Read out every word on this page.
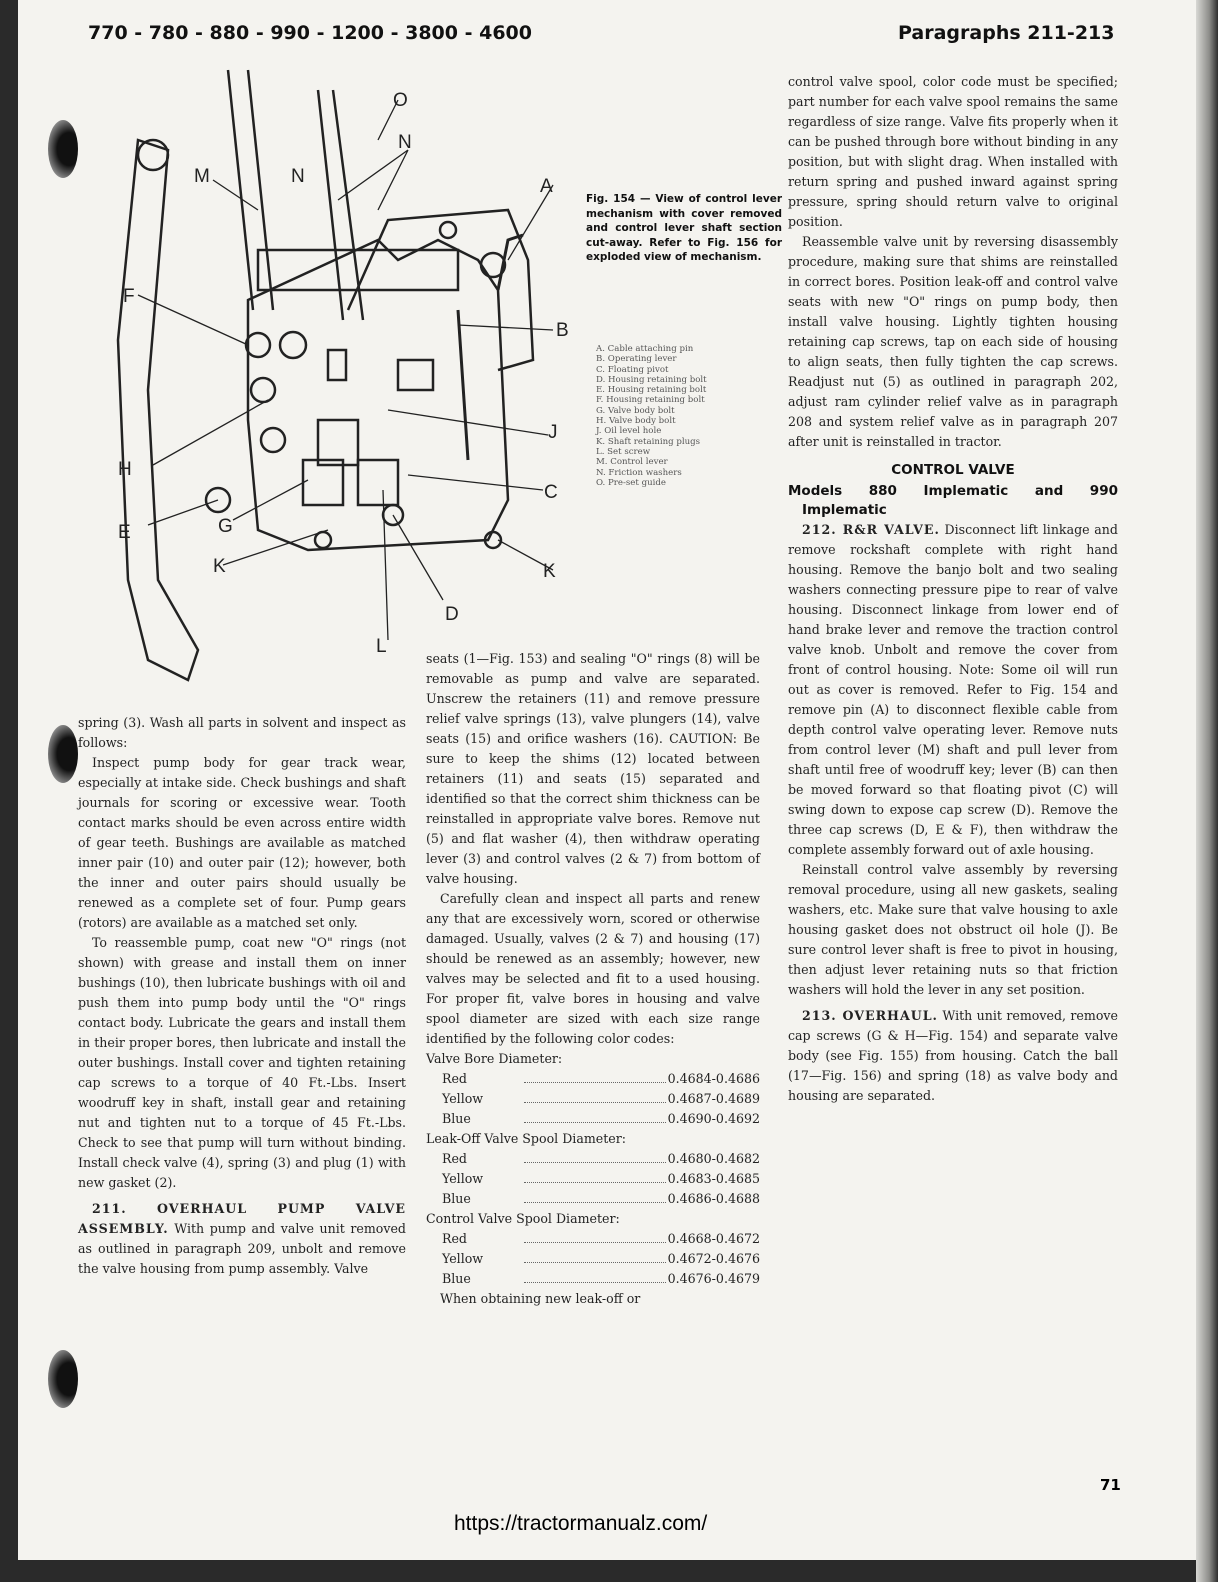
770 - 780 - 880 - 990 - 1200 - 3800 - 4600	Paragraphs 211-213
A
B
C
D
E
F
G
H
J
K	K
L
M	N
N
O
Fig. 154 — View of control lever mechanism with cover removed and control lever shaft section cut-away. Refer to Fig. 156 for exploded view of mechanism.
A. Cable attaching pin
B. Operating lever
C. Floating pivot
D. Housing retaining bolt
E. Housing retaining bolt
F. Housing retaining bolt
G. Valve body bolt
H. Valve body bolt
J. Oil level hole
K. Shaft retaining plugs
L. Set screw
M. Control lever
N. Friction washers
O. Pre-set guide

spring (3). Wash all parts in solvent and inspect as follows:

Inspect pump body for gear track wear, especially at intake side. Check bushings and shaft journals for scoring or excessive wear. Tooth contact marks should be even across entire width of gear teeth. Bushings are available as matched inner pair (10) and outer pair (12); however, both the inner and outer pairs should usually be renewed as a complete set of four. Pump gears (rotors) are available as a matched set only.

To reassemble pump, coat new "O" rings (not shown) with grease and install them on inner bushings (10), then lubricate bushings with oil and push them into pump body until the "O" rings contact body. Lubricate the gears and install them in their proper bores, then lubricate and install the outer bushings. Install cover and tighten retaining cap screws to a torque of 40 Ft.-Lbs. Insert woodruff key in shaft, install gear and retaining nut and tighten nut to a torque of 45 Ft.-Lbs. Check to see that pump will turn without binding. Install check valve (4), spring (3) and plug (1) with new gasket (2).

211. OVERHAUL PUMP VALVE ASSEMBLY. With pump and valve unit removed as outlined in paragraph 209, unbolt and remove the valve housing from pump assembly. Valve

seats (1—Fig. 153) and sealing "O" rings (8) will be removable as pump and valve are separated. Unscrew the retainers (11) and remove pressure relief valve springs (13), valve plungers (14), valve seats (15) and orifice washers (16). CAUTION: Be sure to keep the shims (12) located between retainers (11) and seats (15) separated and identified so that the correct shim thickness can be reinstalled in appropriate valve bores. Remove nut (5) and flat washer (4), then withdraw operating lever (3) and control valves (2 & 7) from bottom of valve housing.

Carefully clean and inspect all parts and renew any that are excessively worn, scored or otherwise damaged. Usually, valves (2 & 7) and housing (17) should be renewed as an assembly; however, new valves may be selected and fit to a used housing. For proper fit, valve bores in housing and valve spool diameter are sized with each size range identified by the following color codes:

Valve Bore Diameter:
Red	0.4684-0.4686
Yellow	0.4687-0.4689
Blue	0.4690-0.4692
Leak-Off Valve Spool Diameter:
Red	0.4680-0.4682
Yellow	0.4683-0.4685
Blue	0.4686-0.4688
Control Valve Spool Diameter:
Red	0.4668-0.4672
Yellow	0.4672-0.4676
Blue	0.4676-0.4679

When obtaining new leak-off or

control valve spool, color code must be specified; part number for each valve spool remains the same regardless of size range. Valve fits properly when it can be pushed through bore without binding in any position, but with slight drag. When installed with return spring and pushed inward against spring pressure, spring should return valve to original position.

Reassemble valve unit by reversing disassembly procedure, making sure that shims are reinstalled in correct bores. Position leak-off and control valve seats with new "O" rings on pump body, then install valve housing. Lightly tighten housing retaining cap screws, tap on each side of housing to align seats, then fully tighten the cap screws. Readjust nut (5) as outlined in paragraph 202, adjust ram cylinder relief valve as in paragraph 208 and system relief valve as in paragraph 207 after unit is reinstalled in tractor.

CONTROL VALVE
Models 880 Implematic and 990 Implematic

212. R&R VALVE. Disconnect lift linkage and remove rockshaft complete with right hand housing. Remove the banjo bolt and two sealing washers connecting pressure pipe to rear of valve housing. Disconnect linkage from lower end of hand brake lever and remove the traction control valve knob. Unbolt and remove the cover from front of control housing. Note: Some oil will run out as cover is removed. Refer to Fig. 154 and remove pin (A) to disconnect flexible cable from depth control valve operating lever. Remove nuts from control lever (M) shaft and pull lever from shaft until free of woodruff key; lever (B) can then be moved forward so that floating pivot (C) will swing down to expose cap screw (D). Remove the three cap screws (D, E & F), then withdraw the complete assembly forward out of axle housing.

Reinstall control valve assembly by reversing removal procedure, using all new gaskets, sealing washers, etc. Make sure that valve housing to axle housing gasket does not obstruct oil hole (J). Be sure control lever shaft is free to pivot in housing, then adjust lever retaining nuts so that friction washers will hold the lever in any set position.

213. OVERHAUL. With unit removed, remove cap screws (G & H—Fig. 154) and separate valve body (see Fig. 155) from housing. Catch the ball (17—Fig. 156) and spring (18) as valve body and housing are separated.

71
https://tractormanualz.com/
